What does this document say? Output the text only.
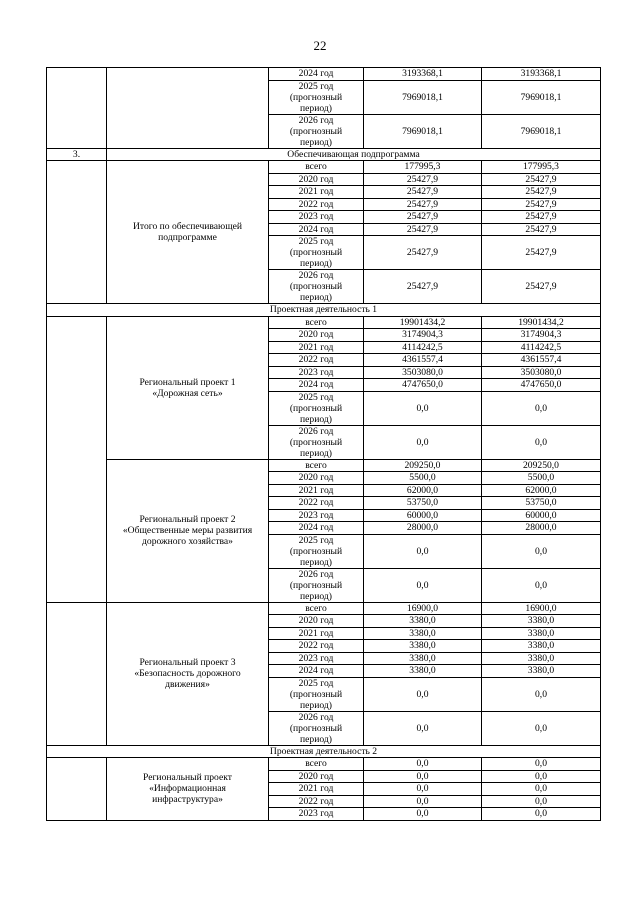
22
		2024 год	3193368,1	3193368,1
		2025 год
(прогнозный
период)	7969018,1	7969018,1
		2026 год
(прогнозный
период)	7969018,1	7969018,1
3.	Обеспечивающая подпрограмма			
	Итого по обеспечивающей
подпрограмме	всего	177995,3	177995,3
		2020 год	25427,9	25427,9
		2021 год	25427,9	25427,9
		2022 год	25427,9	25427,9
		2023 год	25427,9	25427,9
		2024 год	25427,9	25427,9
		2025 год
(прогнозный
период)	25427,9	25427,9
		2026 год
(прогнозный
период)	25427,9	25427,9
Проектная деятельность 1				
	Региональный проект 1
«Дорожная сеть»	всего	19901434,2	19901434,2
		2020 год	3174904,3	3174904,3
		2021 год	4114242,5	4114242,5
		2022 год	4361557,4	4361557,4
		2023 год	3503080,0	3503080,0
		2024 год	4747650,0	4747650,0
		2025 год
(прогнозный
период)	0,0	0,0
		2026 год
(прогнозный
период)	0,0	0,0
	Региональный проект 2
«Общественные меры развития
дорожного хозяйства»	всего	209250,0	209250,0
		2020 год	5500,0	5500,0
		2021 год	62000,0	62000,0
		2022 год	53750,0	53750,0
		2023 год	60000,0	60000,0
		2024 год	28000,0	28000,0
		2025 год
(прогнозный
период)	0,0	0,0
		2026 год
(прогнозный
период)	0,0	0,0
	Региональный проект 3
«Безопасность дорожного
движения»	всего	16900,0	16900,0
		2020 год	3380,0	3380,0
		2021 год	3380,0	3380,0
		2022 год	3380,0	3380,0
		2023 год	3380,0	3380,0
		2024 год	3380,0	3380,0
		2025 год
(прогнозный
период)	0,0	0,0
		2026 год
(прогнозный
период)	0,0	0,0
Проектная деятельность 2				
	Региональный проект
«Информационная
инфраструктура»	всего	0,0	0,0
		2020 год	0,0	0,0
		2021 год	0,0	0,0
		2022 год	0,0	0,0
		2023 год	0,0	0,0
